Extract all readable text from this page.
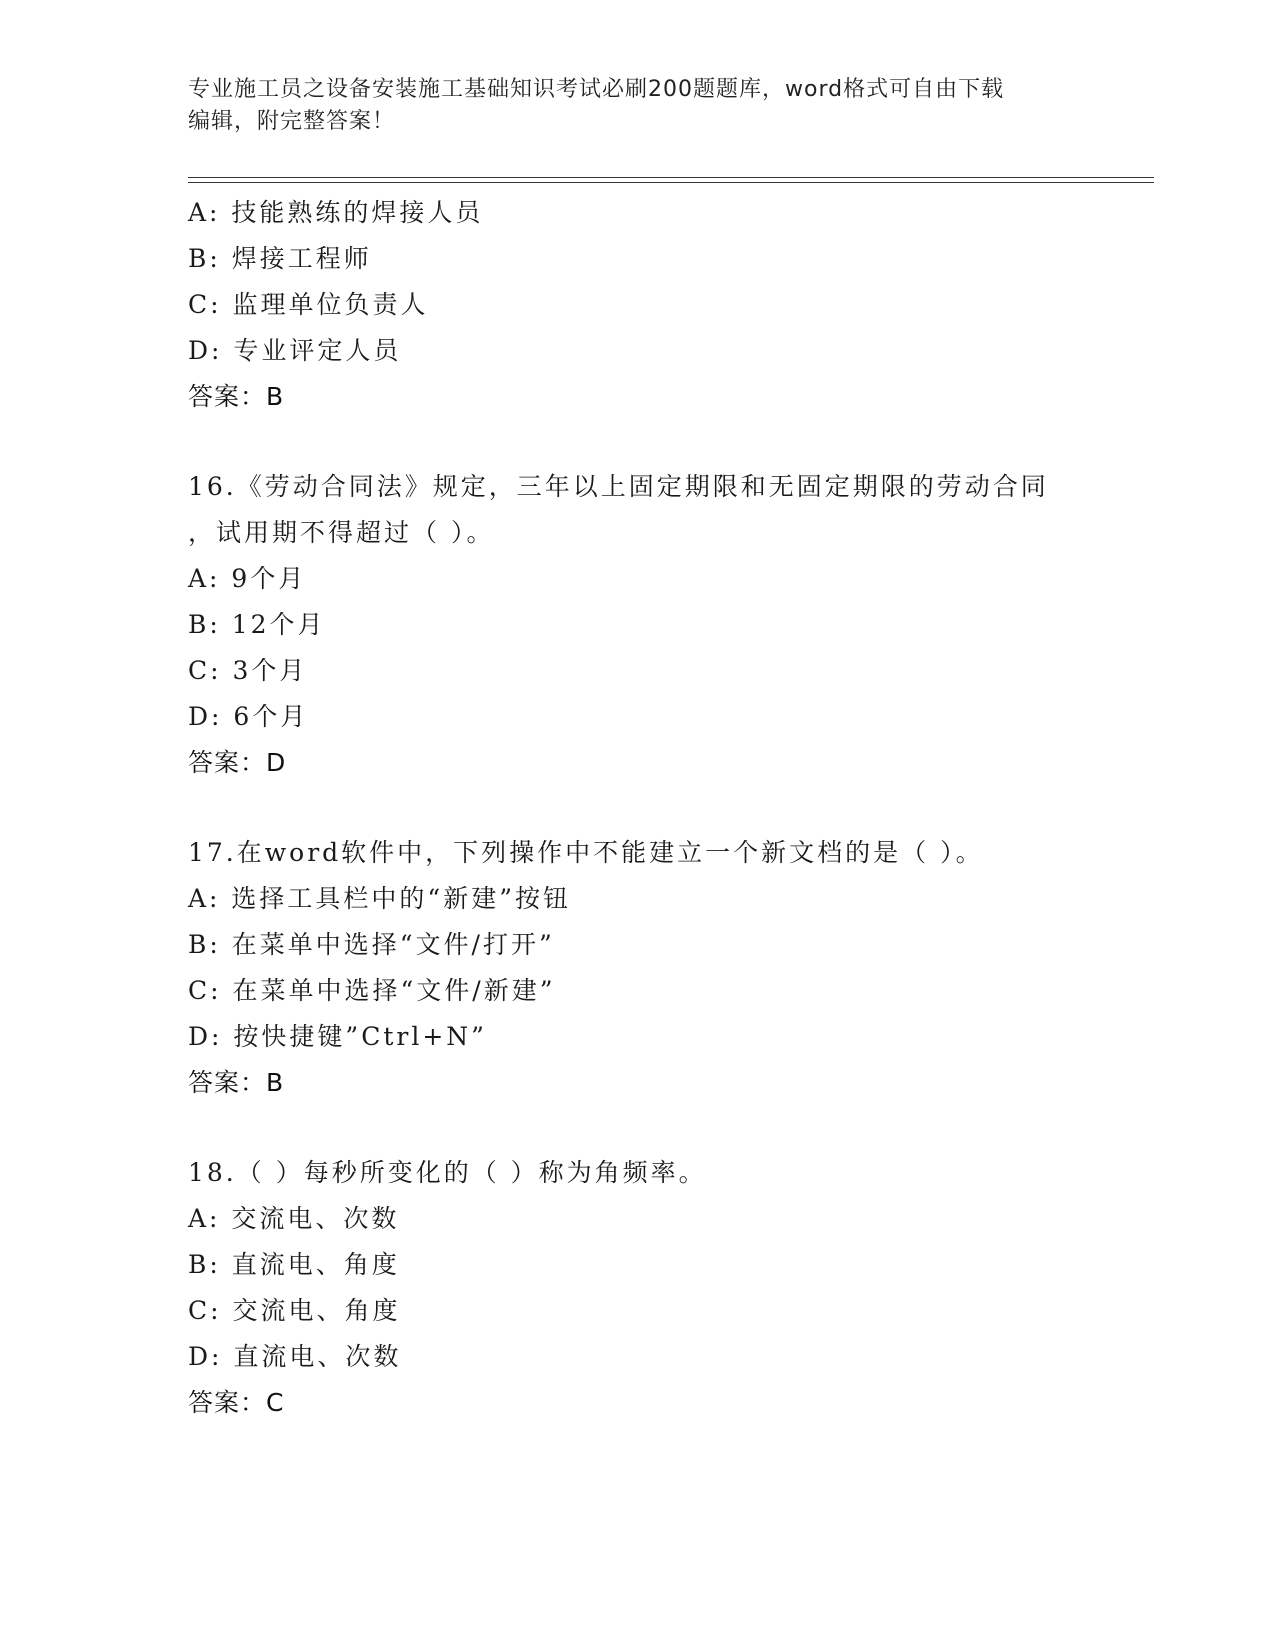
专业施工员之设备安装施工基础知识考试必刷200题题库，word格式可自由下载
编辑，附完整答案！
A: 技能熟练的焊接人员
B: 焊接工程师
C: 监理单位负责人
D: 专业评定人员
答案：B
16.《劳动合同法》规定，三年以上固定期限和无固定期限的劳动合同
，试用期不得超过（ ）。
A: 9个月
B: 12个月
C: 3个月
D: 6个月
答案：D
17.在word软件中，下列操作中不能建立一个新文档的是（ ）。
A: 选择工具栏中的“新建”按钮
B: 在菜单中选择“文件/打开”
C: 在菜单中选择“文件/新建”
D: 按快捷键”Ctrl+N”
答案：B
18.（ ）每秒所变化的（ ）称为角频率。
A: 交流电、次数
B: 直流电、角度
C: 交流电、角度
D: 直流电、次数
答案：C
